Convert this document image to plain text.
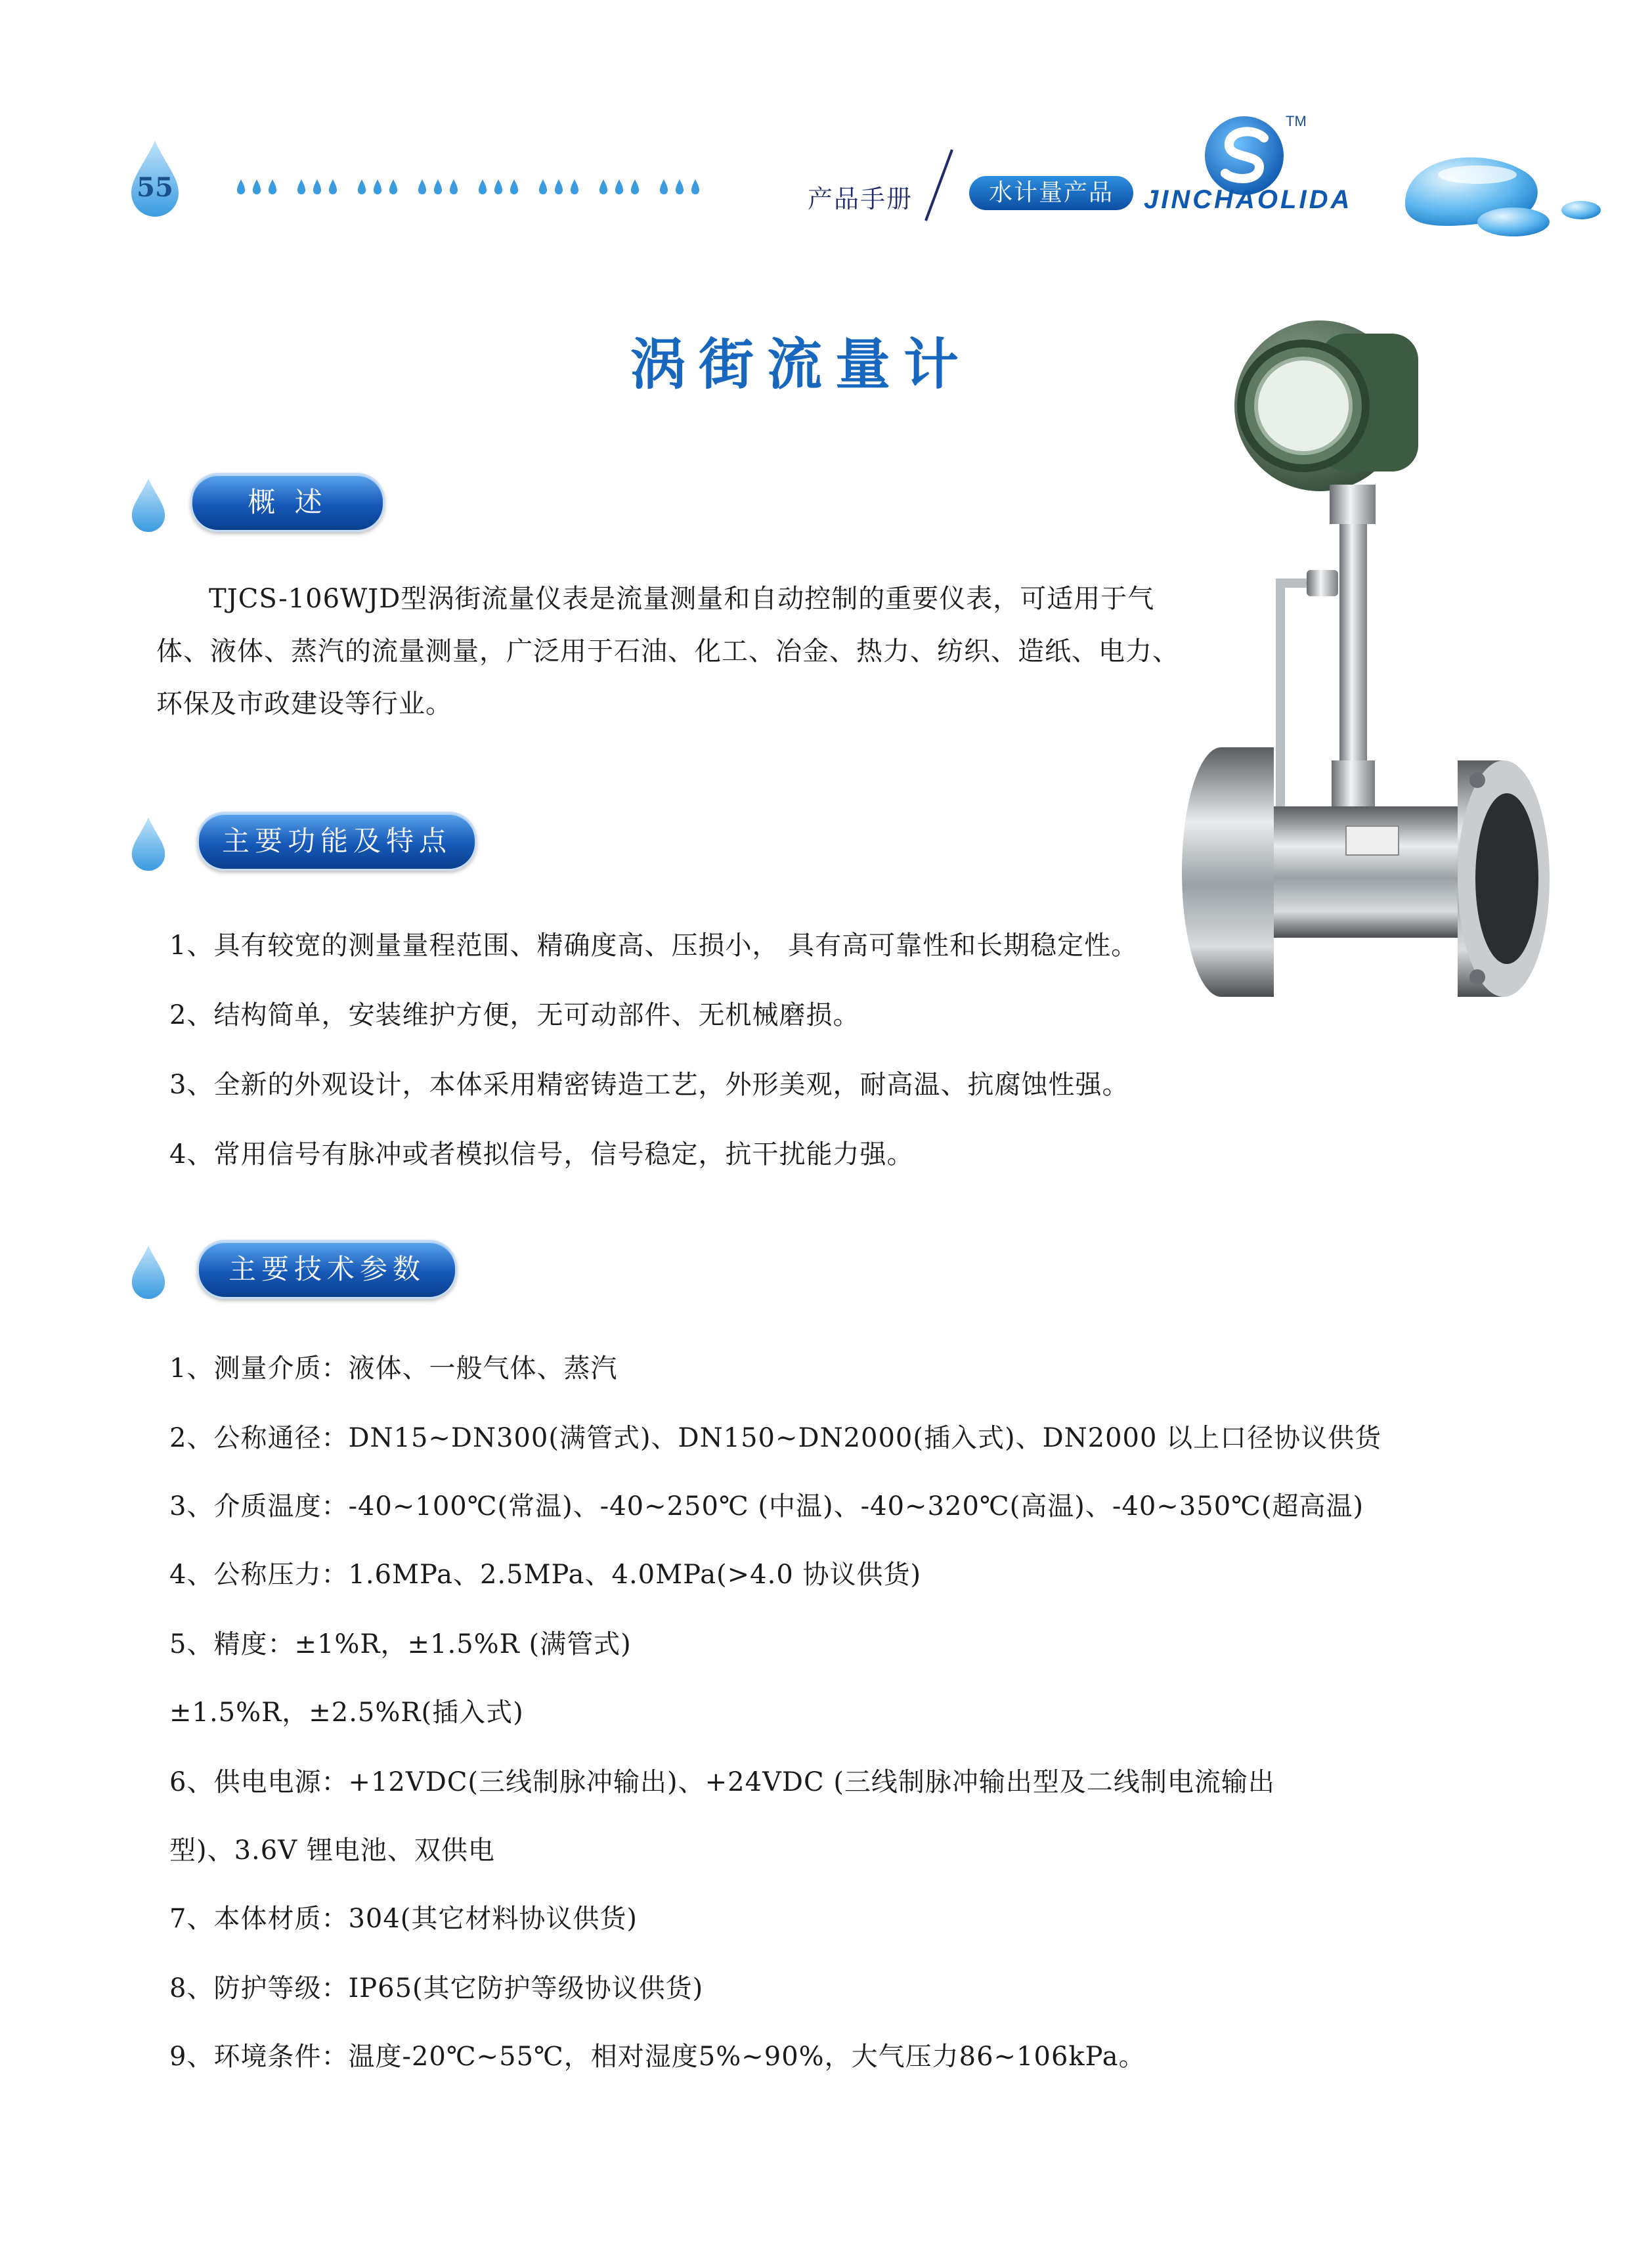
55	产品手册	水计量产品
TM
JINCHAOLIDA
涡街流量计
概 述
TJCS-106WJD型涡街流量仪表是流量测量和自动控制的重要仪表，可适用于气体、液体、蒸汽的流量测量，广泛用于石油、化工、冶金、热力、纺织、造纸、电力、环保及市政建设等行业。
主要功能及特点
1、具有较宽的测量量程范围、精确度高、压损小， 具有高可靠性和长期稳定性。
2、结构简单，安装维护方便，无可动部件、无机械磨损。
3、全新的外观设计，本体采用精密铸造工艺，外形美观，耐高温、抗腐蚀性强。
4、常用信号有脉冲或者模拟信号，信号稳定，抗干扰能力强。
主要技术参数
1、测量介质：液体、一般气体、蒸汽
2、公称通径：DN15~DN300(满管式)、DN150~DN2000(插入式)、DN2000 以上口径协议供货
3、介质温度：-40~100℃(常温)、-40~250℃ (中温)、-40~320℃(高温)、-40~350℃(超高温)
4、公称压力：1.6MPa、2.5MPa、4.0MPa(>4.0 协议供货)
5、精度：±1%R，±1.5%R (满管式)
±1.5%R，±2.5%R(插入式)
6、供电电源：+12VDC(三线制脉冲输出)、+24VDC (三线制脉冲输出型及二线制电流输出
型)、3.6V 锂电池、双供电
7、本体材质：304(其它材料协议供货)
8、防护等级：IP65(其它防护等级协议供货)
9、环境条件：温度-20℃~55℃，相对湿度5%~90%，大气压力86~106kPa。
